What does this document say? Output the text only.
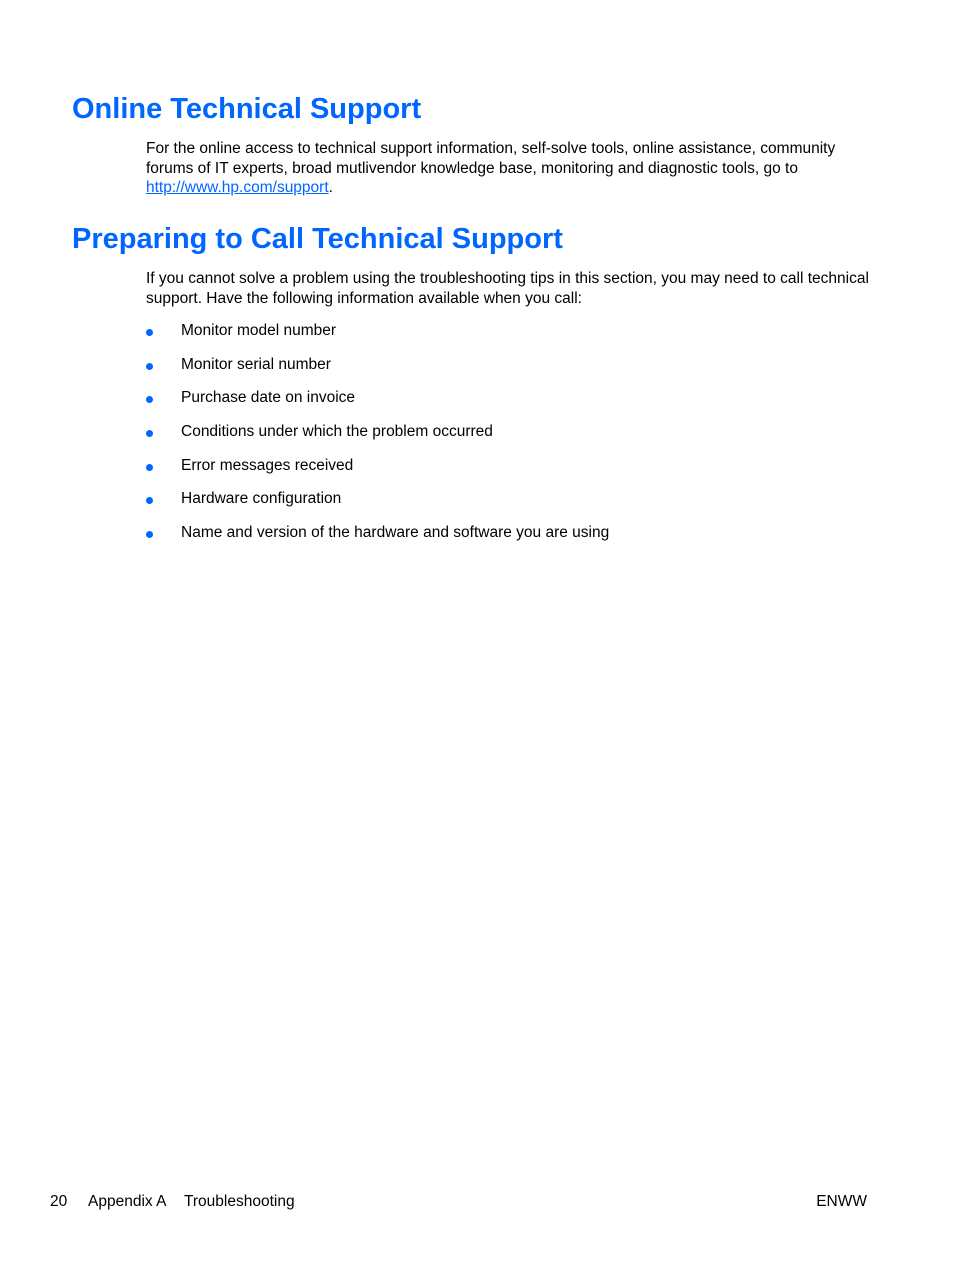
Online Technical Support

For the online access to technical support information, self-solve tools, online assistance, community forums of IT experts, broad mutlivendor knowledge base, monitoring and diagnostic tools, go to http://www.hp.com/support.

Preparing to Call Technical Support

If you cannot solve a problem using the troubleshooting tips in this section, you may need to call technical support. Have the following information available when you call:

Monitor model number
Monitor serial number
Purchase date on invoice
Conditions under which the problem occurred
Error messages received
Hardware configuration
Name and version of the hardware and software you are using
20 Appendix A Troubleshooting	ENWW
